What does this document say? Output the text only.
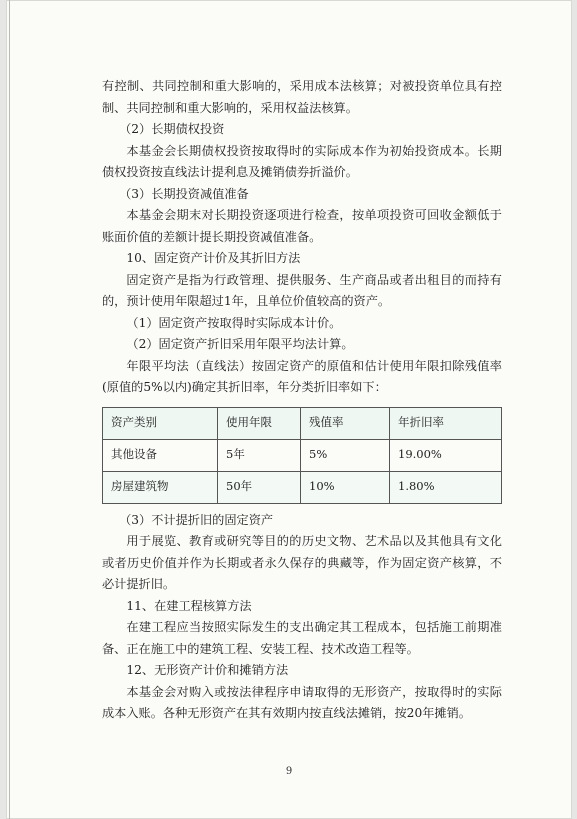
有控制、共同控制和重大影响的，采用成本法核算；对被投资单位具有控制、共同控制和重大影响的，采用权益法核算。

（2）长期债权投资

本基金会长期债权投资按取得时的实际成本作为初始投资成本。长期债权投资按直线法计提利息及摊销债券折溢价。

（3）长期投资减值准备

本基金会期末对长期投资逐项进行检查，按单项投资可回收金额低于账面价值的差额计提长期投资减值准备。

10、固定资产计价及其折旧方法

固定资产是指为行政管理、提供服务、生产商品或者出租目的而持有的，预计使用年限超过1年，且单位价值较高的资产。

（1）固定资产按取得时实际成本计价。

（2）固定资产折旧采用年限平均法计算。

年限平均法（直线法）按固定资产的原值和估计使用年限扣除残值率(原值的5%以内)确定其折旧率，年分类折旧率如下：

资产类别	使用年限	残值率	年折旧率
其他设备	5年	5%	19.00%
房屋建筑物	50年	10%	1.80%

（3）不计提折旧的固定资产

用于展览、教育或研究等目的的历史文物、艺术品以及其他具有文化或者历史价值并作为长期或者永久保存的典藏等，作为固定资产核算，不必计提折旧。

11、在建工程核算方法

在建工程应当按照实际发生的支出确定其工程成本，包括施工前期准备、正在施工中的建筑工程、安装工程、技术改造工程等。

12、无形资产计价和摊销方法

本基金会对购入或按法律程序申请取得的无形资产，按取得时的实际成本入账。各种无形资产在其有效期内按直线法摊销，按20年摊销。

9
